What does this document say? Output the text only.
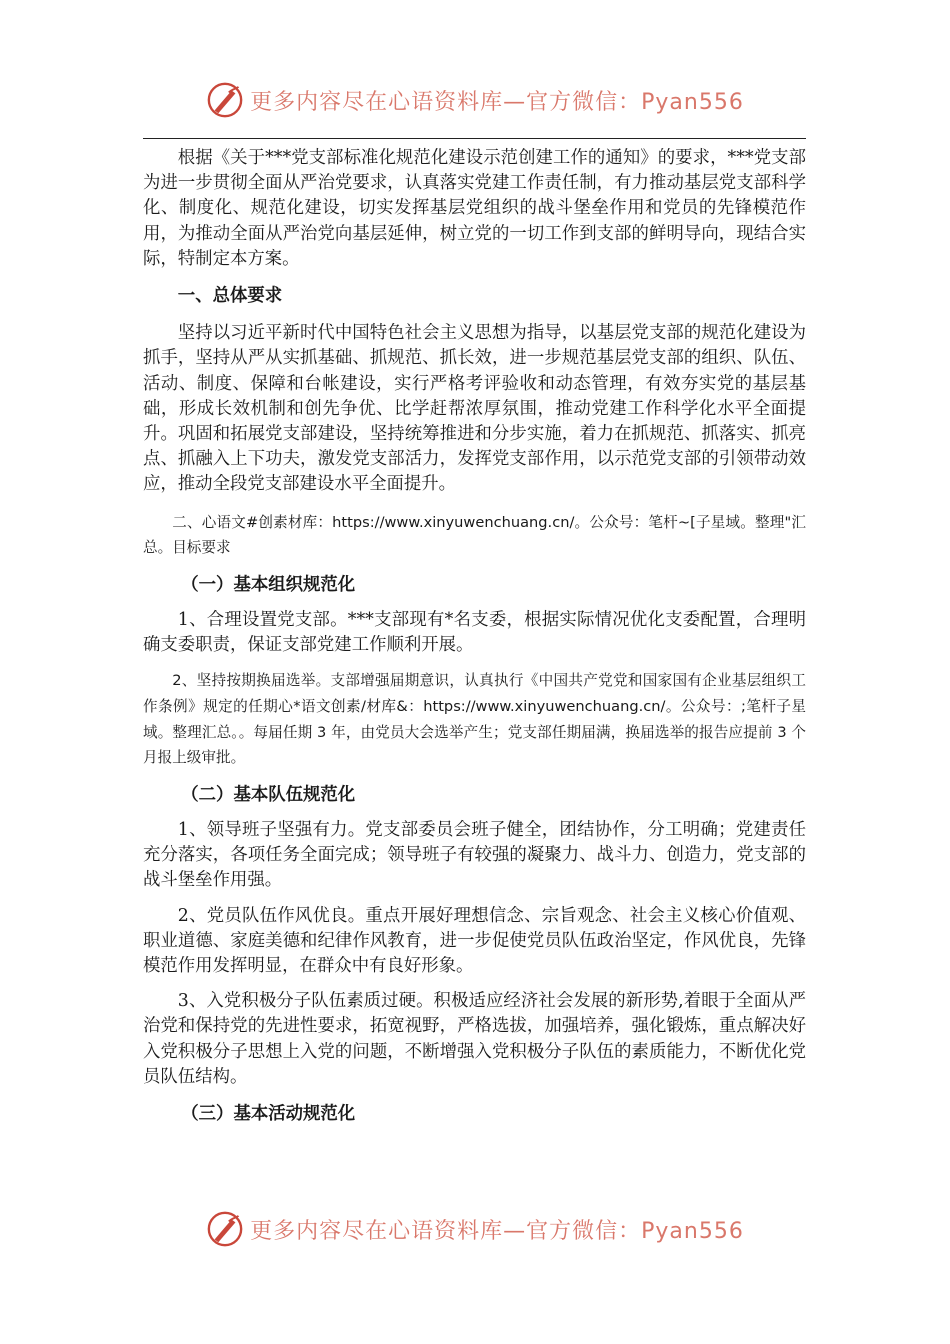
更多内容尽在心语资料库—官方微信：Pyan556

根据《关于***党支部标准化规范化建设示范创建工作的通知》的要求，***党支部为进一步贯彻全面从严治党要求，认真落实党建工作责任制，有力推动基层党支部科学化、制度化、规范化建设，切实发挥基层党组织的战斗堡垒作用和党员的先锋模范作用，为推动全面从严治党向基层延伸，树立党的一切工作到支部的鲜明导向，现结合实际，特制定本方案。

一、总体要求

坚持以习近平新时代中国特色社会主义思想为指导，以基层党支部的规范化建设为抓手，坚持从严从实抓基础、抓规范、抓长效，进一步规范基层党支部的组织、队伍、活动、制度、保障和台帐建设，实行严格考评验收和动态管理，有效夯实党的基层基础，形成长效机制和创先争优、比学赶帮浓厚氛围，推动党建工作科学化水平全面提升。巩固和拓展党支部建设，坚持统筹推进和分步实施，着力在抓规范、抓落实、抓亮点、抓融入上下功夫，激发党支部活力，发挥党支部作用，以示范党支部的引领带动效应，推动全段党支部建设水平全面提升。

二、心语文#创素材库：https://www.xinyuwenchuang.cn/。公众号：笔杆~[子星域。整理"汇总。目标要求

（一）基本组织规范化

1、合理设置党支部。***支部现有*名支委，根据实际情况优化支委配置，合理明确支委职责，保证支部党建工作顺利开展。

2、坚持按期换届选举。支部增强届期意识，认真执行《中国共产党党和国家国有企业基层组织工作条例》规定的任期心*语文创素/材库&：https://www.xinyuwenchuang.cn/。公众号：;笔杆子星域。整理汇总。。每届任期 3 年，由党员大会选举产生；党支部任期届满，换届选举的报告应提前 3 个月报上级审批。

（二）基本队伍规范化

1、领导班子坚强有力。党支部委员会班子健全，团结协作，分工明确；党建责任充分落实，各项任务全面完成；领导班子有较强的凝聚力、战斗力、创造力，党支部的战斗堡垒作用强。

2、党员队伍作风优良。重点开展好理想信念、宗旨观念、社会主义核心价值观、职业道德、家庭美德和纪律作风教育，进一步促使党员队伍政治坚定，作风优良，先锋模范作用发挥明显，在群众中有良好形象。

3、入党积极分子队伍素质过硬。积极适应经济社会发展的新形势,着眼于全面从严治党和保持党的先进性要求，拓宽视野，严格选拔，加强培养，强化锻炼，重点解决好入党积极分子思想上入党的问题，不断增强入党积极分子队伍的素质能力，不断优化党员队伍结构。

（三）基本活动规范化
更多内容尽在心语资料库—官方微信：Pyan556
